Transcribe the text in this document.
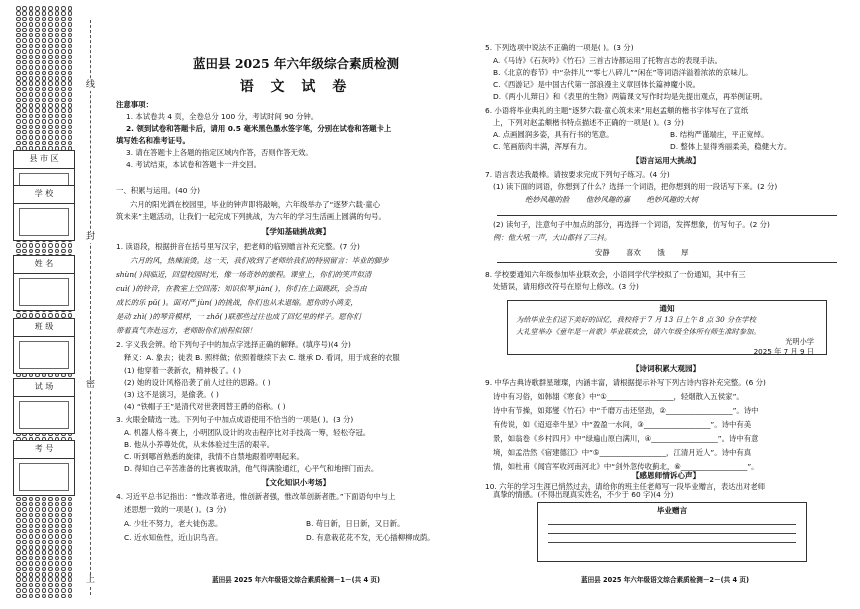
线
封
密
上
县 市 区
学 校
姓 名
班 级
试 场
考 号
蓝田县 2025 年六年级综合素质检测
语 文 试 卷
注意事项：
1. 本试卷共 4 页，全卷总分 100 分，考试时间 90 分钟。
2. 领到试卷和答题卡后，请用 0.5 毫米黑色墨水签字笔，分别在试卷和答题卡上
填写姓名和准考证号。
3. 请在答题卡上各题的指定区域内作答，否则作答无效。
4. 考试结束，本试卷和答题卡一并交回。
一、积累与运用。(40 分)
六月的阳光洒在校园里，毕业的钟声即将敲响，六年级举办了“逐梦六载·童心
筑未来”主题活动，让我们一起完成下列挑战，为六年的学习生活画上圆满的句号。
【学知基础挑战赛】
1. 读语段，根据拼音在括号里写汉字，把老师的临别赠言补充完整。(7 分)
六月的风，热辣滚烫。这一天，我们收到了老师给我们的特别留言：毕业的脚步
shùn( )间临近，回望校园时光，像一场奇妙的旅程。课堂上，你们的笑声似清
cuì( )的铃音，在教室上空回荡；知识似琴 jiàn( )，你们在上面跳跃，会当由
成长的乐 pǔ( )。面对严 jùn( )的挑战，你们也从未退缩。愿你的小鸿麦，
是动 zhì( )的琴音模样，一 zhǒ( )联那些过往也成了回忆里的样子。愿你们
带着真气奔赴远方，老师盼你们前程似锦！
2. 字义我会辨。给下列句子中的加点字选择正确的解释。(填序号)(4 分)
释义：A. 象去；徒表 B. 照样做；依照着继续下去 C. 继承 D. 看词，用于成套的衣服
(1) 他穿着一袭新衣，精神极了。( )
(2) 她的设计风格沿袭了前人过往的思路。( )
(3) 这不是演习，是偷袭。( )
(4) “铁帽子王”是清代对世袭罔替王爵的俗称。( )
3. 火眼金睛选一选。下列句子中加点成语使用不恰当的一项是( )。(3 分)
A. 机器人格斗赛上，小明团队设计的攻击程序比对手技高一筹，轻松夺冠。
B. 他从小养尊处优，从未体验过生活的艰辛。
C. 听到哪首熟悉的旋律，我情不自禁地跟着哼唱起来。
D. 得知自己辛苦准备的比赛被取消，他气得满脸通红，心平气和地摔门而去。
【文化知识小考场】
4. 习近平总书记指出：“惟改革者进，惟创新者强，惟改革创新者胜。”下面语句中与上
述思想一致的一项是( )。(3 分)
A. 少壮不努力，老大徒伤悲。	B. 苟日新，日日新，又日新。
C. 近水知鱼性，近山识鸟音。	D. 有意栽花花不发，无心插柳柳成荫。
蓝田县 2025 年六年级语文综合素质检测－1－(共 4 页)
5. 下列选项中说法不正确的一项是( )。(3 分)
A.《马诗》《石灰吟》《竹石》三首古诗都运用了托物言志的表现手法。
B.《北京的春节》中“杂拌儿”“零七八碎儿”“闲在”等词语洋溢着浓浓的京味儿。
C.《西游记》是中国古代第一部浪漫主义章回体长篇神魔小说。
D.《两小儿辩日》和《表里的生物》两篇课文写作时均是先提出观点，再举例证明。
6. 小语将毕业典礼的主题“逐梦六载·童心筑未来”用赵孟頫的楷书字体写在了宣纸
上，下列对赵孟頫楷书特点描述不正确的一项是( )。(3 分)
A. 点画圆润多姿，具有行书的笔意。	B. 结构严谨端庄，平正宽绰。
C. 笔画筋肉丰满，浑厚有力。	D. 整体上显得秀丽柔美，稳健大方。
【语言运用大挑战】
7. 语言表达我最棒。请按要求完成下列句子练习。(4 分)
(1) 读下面的词语，你想到了什么？选择一个词语，把你想到的用一段话写下来。(2 分)
绝妙风趣的脸 他妙风趣的嘉 绝妙风趣的大树
(2) 读句子，注意句子中加点的部分，再选择一个词语，发挥想象，仿写句子。(2 分)
例：他大吼一声，大山都抖了三抖。
安静 喜欢 饿 厚
8. 学校要通知六年级参加毕业联欢会，小语同学代学校拟了一份通知，其中有三
处错误，请用修改符号在原句上修改。(3 分)
通知
为给毕业生们送下美好的回忆，我校将于 7 月 13 日上午 8 点 30 分在学校
大礼堂举办《童年是一首歌》毕业联欢会，请六年级全体所有师生准时参加。
光明小学
2025 年 7 月 9 日
【诗词积累大观园】
9. 中华古典诗歌群星璀璨，内涵丰富，请根据提示补写下列古诗内容补充完整。(6 分)
诗中有习俗，如韩翃《寒食》中“①__________________，轻烟散入五侯家”。
诗中有节操，如郑燮《竹石》中“千磨万击还坚劲，②__________________”。诗中
有传说，如《迢迢牵牛星》中“盈盈一水间，③__________________”。诗中有美
景，如翁卷《乡村四月》中“绿遍山原白满川，④__________________”。诗中有意
境，如孟浩然《宿建德江》中“⑤__________________，江清月近人”。诗中有真
情，如杜甫《闻官军收河南河北》中“剑外忽传收蓟北，⑥__________________”。
【感恩师情诉心声】
10. 六年的学习生涯已悄然过去，请给你的班主任老师写一段毕业赠言，表达出对老师
真挚的情感。(不得出现真实姓名，不少于 60 字)(4 分)
毕业赠言
蓝田县 2025 年六年级语文综合素质检测－2－(共 4 页)
